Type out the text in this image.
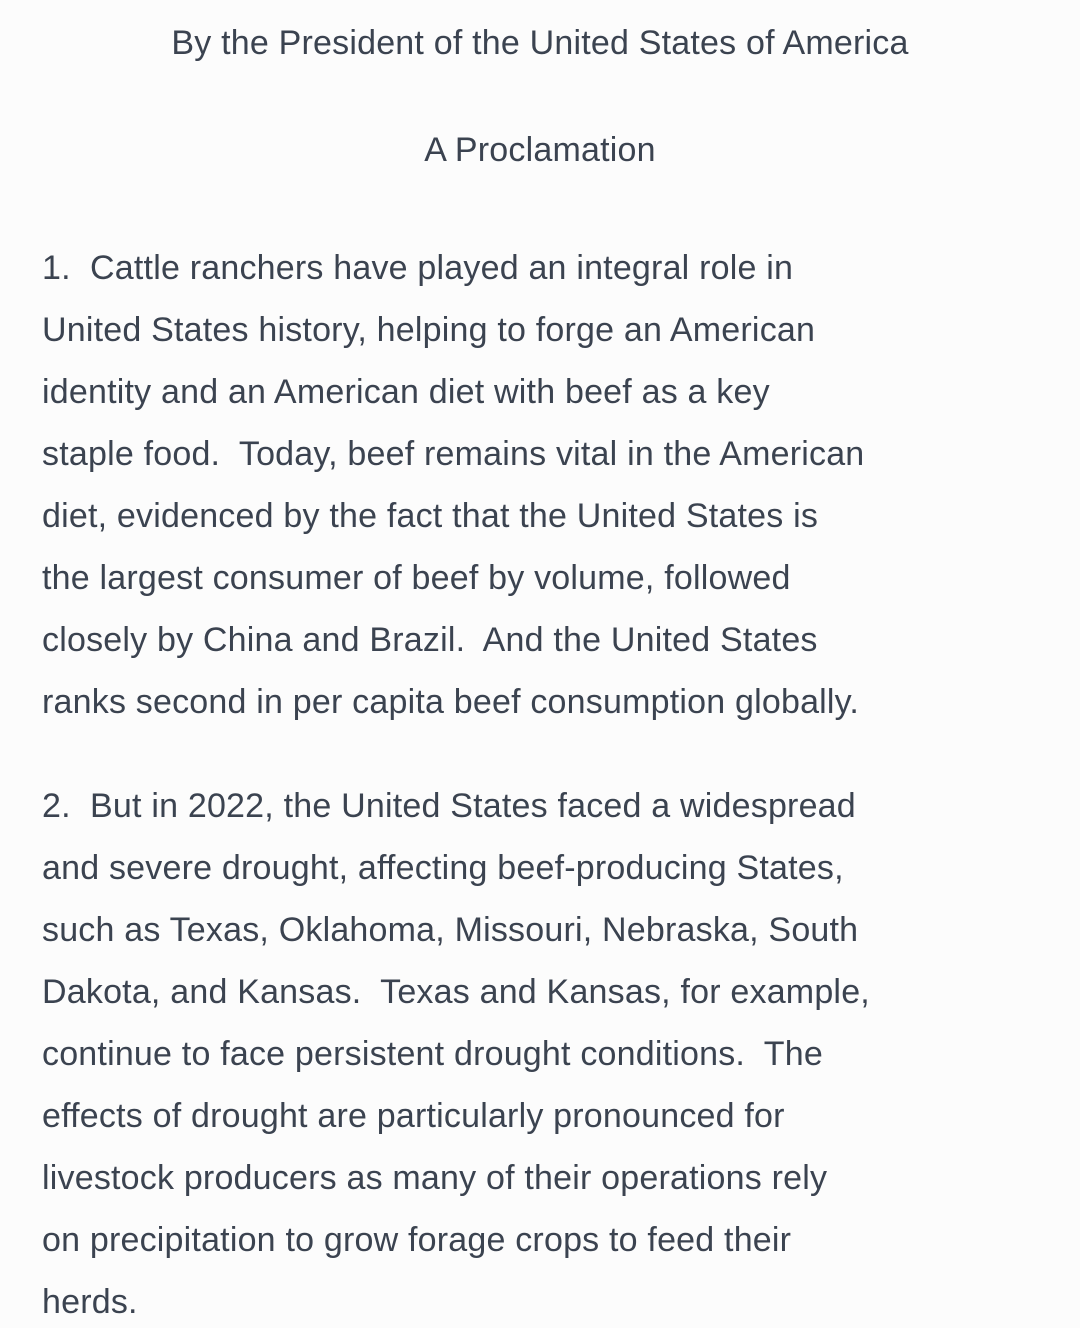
By the President of the United States of America
A Proclamation
1.  Cattle ranchers have played an integral role in
United States history, helping to forge an American
identity and an American diet with beef as a key
staple food.  Today, beef remains vital in the American
diet, evidenced by the fact that the United States is
the largest consumer of beef by volume, followed
closely by China and Brazil.  And the United States
ranks second in per capita beef consumption globally.
2.  But in 2022, the United States faced a widespread
and severe drought, affecting beef-producing States,
such as Texas, Oklahoma, Missouri, Nebraska, South
Dakota, and Kansas.  Texas and Kansas, for example,
continue to face persistent drought conditions.  The
effects of drought are particularly pronounced for
livestock producers as many of their operations rely
on precipitation to grow forage crops to feed their
herds.
